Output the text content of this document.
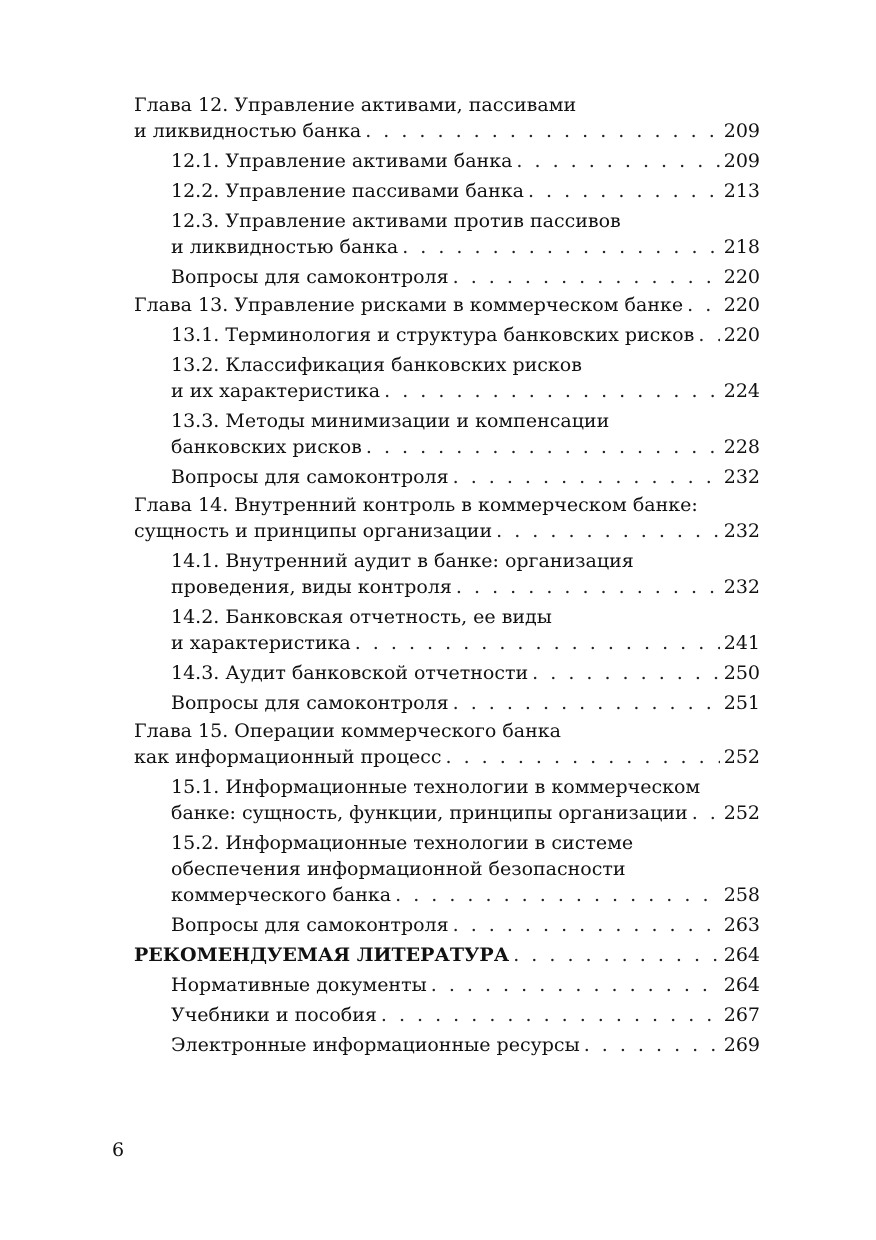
Глава 12. Управление активами, пассивами
и ликвидностью банка . . .	209
12.1. Управление активами банка . . .	209
12.2. Управление пассивами банка . . .	213
12.3. Управление активами против пассивов
и ликвидностью банка . . .	218
Вопросы для самоконтроля . . .	220
Глава 13. Управление рисками в коммерческом банке . . . 220
13.1. Терминология и структура банковских рисков . . . 220
13.2. Классификация банковских рисков
и их характеристика . . .	224
13.3. Методы минимизации и компенсации
банковских рисков . . .	228
Вопросы для самоконтроля . . .	232
Глава 14. Внутренний контроль в коммерческом банке:
сущность и принципы организации . . .	232
14.1. Внутренний аудит в банке: организация
проведения, виды контроля . . .	232
14.2. Банковская отчетность, ее виды
и характеристика . . .	241
14.3. Аудит банковской отчетности . . .	250
Вопросы для самоконтроля . . .	251
Глава 15. Операции коммерческого банка
как информационный процесс . . .	252
15.1. Информационные технологии в коммерческом
банке: сущность, функции, принципы организации . . . 252
15.2. Информационные технологии в системе
обеспечения информационной безопасности
коммерческого банка . . .	258
Вопросы для самоконтроля . . .	263
РЕКОМЕНДУЕМАЯ ЛИТЕРАТУРА . . .	264
Нормативные документы . . .	264
Учебники и пособия . . .	267
Электронные информационные ресурсы . . .	269
6
